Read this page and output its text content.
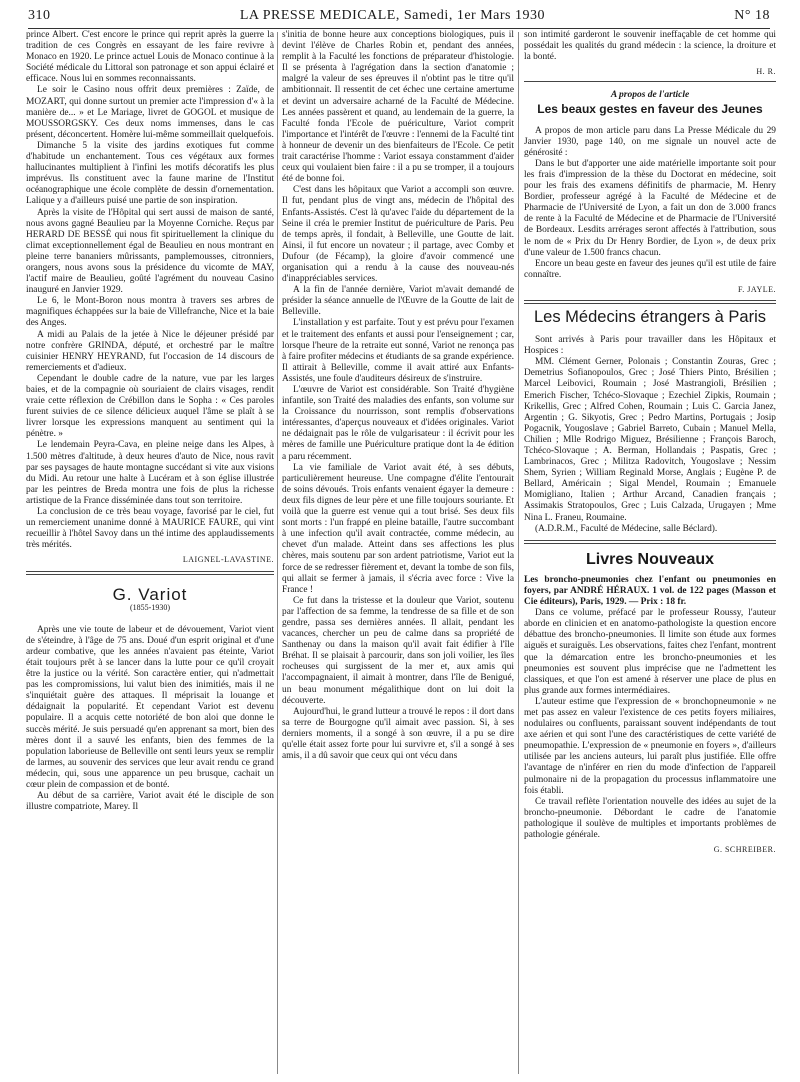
310	LA PRESSE MEDICALE, Samedi, 1er Mars 1930	N° 18

prince Albert. C'est encore le prince qui reprit après la guerre la tradition de ces Congrès en essayant de les faire revivre à Monaco en 1920. Le prince actuel Louis de Monaco continue à la Société médicale du Littoral son patronage et son appui éclairé et efficace. Nous lui en sommes reconnaissants.

Le soir le Casino nous offrit deux premières : Zaïde, de MOZART, qui donne surtout un premier acte l'impression d'« à la manière de... » et Le Mariage, livret de GOGOL et musique de MOUSSORGSKY. Ces deux noms immenses, dans le cas présent, déconcertent. Homère lui-même sommeillait quelquefois.

Dimanche 5 la visite des jardins exotiques fut comme d'habitude un enchantement. Tous ces végétaux aux formes hallucinantes multiplient à l'infini les motifs décoratifs les plus imprévus. Ils constituent avec la faune marine de l'Institut océanographique une école complète de dessin d'ornementation. Lalique y a d'ailleurs puisé une partie de son inspiration.

Après la visite de l'Hôpital qui sert aussi de maison de santé, nous avons gagné Beaulieu par la Moyenne Corniche. Reçus par HERARD DE BESSÉ qui nous fit spirituellement la clinique du climat exceptionnellement égal de Beaulieu en nous montrant en pleine terre bananiers mûrissants, pamplemousses, citronniers, orangers, nous avons sous la présidence du vicomte de MAY, l'actif maire de Beaulieu, goûté l'agrément du nouveau Casino inauguré en Janvier 1929.

Le 6, le Mont-Boron nous montra à travers ses arbres de magnifiques échappées sur la baie de Villefranche, Nice et la baie des Anges.

A midi au Palais de la jetée à Nice le déjeuner présidé par notre confrère GRINDA, député, et orchestré par le maître cuisinier HENRY HEYRAND, fut l'occasion de 14 discours de remerciements et d'adieux.

Cependant le double cadre de la nature, vue par les larges baies, et de la compagnie où souriaient de clairs visages, rendit vraie cette réflexion de Crébillon dans le Sopha : « Ces paroles furent suivies de ce silence délicieux auquel l'âme se plaît à se livrer lorsque les expressions manquent au sentiment qui la pénètre. »

Le lendemain Peyra-Cava, en pleine neige dans les Alpes, à 1.500 mètres d'altitude, à deux heures d'auto de Nice, nous ravit par ses paysages de haute montagne succédant si vite aux visions du Midi. Au retour une halte à Lucéram et à son église illustrée par les peintres de Breda montra une fois de plus la richesse artistique de la France disséminée dans tout son territoire.

La conclusion de ce très beau voyage, favorisé par le ciel, fut un remerciement unanime donné à MAURICE FAURE, qui vint recueillir à l'hôtel Savoy dans un thé intime des applaudissements très mérités.

LAIGNEL-LAVASTINE.
G. Variot
(1855-1930)

Après une vie toute de labeur et de dévouement, Variot vient de s'éteindre, à l'âge de 75 ans. Doué d'un esprit original et d'une ardeur combative, que les années n'avaient pas éteinte, Variot était toujours prêt à se lancer dans la lutte pour ce qu'il croyait être la justice ou la vérité. Son caractère entier, qui n'admettait pas les compromissions, lui valut bien des inimitiés, mais il ne s'inquiétait guère des attaques. Il méprisait la louange et dédaignait la popularité. Et cependant Variot est devenu populaire. Il a acquis cette notoriété de bon aloi que donne le succès mérité. Je suis persuadé qu'en apprenant sa mort, bien des mères dont il a sauvé les enfants, bien des femmes de la population laborieuse de Belleville ont senti leurs yeux se remplir de larmes, au souvenir des services que leur avait rendu ce grand médecin, qui, sous une apparence un peu brusque, cachait un cœur plein de compassion et de bonté.

Au début de sa carrière, Variot avait été le disciple de son illustre compatriote, Marey. Il

s'initia de bonne heure aux conceptions biologiques, puis il devint l'élève de Charles Robin et, pendant des années, remplit à la Faculté les fonctions de préparateur d'histologie. Il se présenta à l'agrégation dans la section d'anatomie ; malgré la valeur de ses épreuves il n'obtint pas le titre qu'il ambitionnait. Il ressentit de cet échec une certaine amertume et devint un adversaire acharné de la Faculté de Médecine. Les années passèrent et quand, au lendemain de la guerre, la Faculté fonda l'Ecole de puériculture, Variot comprit l'importance et l'intérêt de l'œuvre : l'ennemi de la Faculté tint à honneur de devenir un des bienfaiteurs de l'Ecole. Ce petit trait caractérise l'homme : Variot essaya constamment d'aider ceux qui voulaient bien faire : il a pu se tromper, il a toujours été de bonne foi.

C'est dans les hôpitaux que Variot a accompli son œuvre. Il fut, pendant plus de vingt ans, médecin de l'hôpital des Enfants-Assistés. C'est là qu'avec l'aide du département de la Seine il créa le premier Institut de puériculture de Paris. Peu de temps après, il fondait, à Belleville, une Goutte de lait. Ainsi, il fut encore un novateur ; il partage, avec Comby et Dufour (de Fécamp), la gloire d'avoir commencé une organisation qui a rendu à la cause des nouveau-nés d'inappréciables services.

A la fin de l'année dernière, Variot m'avait demandé de présider la séance annuelle de l'Œuvre de la Goutte de lait de Belleville.

L'installation y est parfaite. Tout y est prévu pour l'examen et le traitement des enfants et aussi pour l'enseignement ; car, lorsque l'heure de la retraite eut sonné, Variot ne renonça pas à faire profiter médecins et étudiants de sa grande expérience. Il attirait à Belleville, comme il avait attiré aux Enfants-Assistés, une foule d'auditeurs désireux de s'instruire.

L'œuvre de Variot est considérable. Son Traité d'hygiène infantile, son Traité des maladies des enfants, son volume sur la Croissance du nourrisson, sont remplis d'observations intéressantes, d'aperçus nouveaux et d'idées originales. Variot ne dédaignait pas le rôle de vulgarisateur : il écrivit pour les mères de famille une Puériculture pratique dont la 4e édition a paru récemment.

La vie familiale de Variot avait été, à ses débuts, particulièrement heureuse. Une compagne d'élite l'entourait de soins dévoués. Trois enfants venaient égayer la demeure : deux fils dignes de leur père et une fille toujours souriante. Et voilà que la guerre est venue qui a tout brisé. Ses deux fils sont morts : l'un frappé en pleine bataille, l'autre succombant à une infection qu'il avait contractée, comme médecin, au chevet d'un malade. Atteint dans ses affections les plus chères, mais soutenu par son ardent patriotisme, Variot eut la force de se redresser fièrement et, devant la tombe de son fils, qui allait se fermer à jamais, il s'écria avec force : Vive la France !

Ce fut dans la tristesse et la douleur que Variot, soutenu par l'affection de sa femme, la tendresse de sa fille et de son gendre, passa ses dernières années. Il allait, pendant les vacances, chercher un peu de calme dans sa propriété de Santhenay ou dans la maison qu'il avait fait édifier à l'île Bréhat. Il se plaisait à parcourir, dans son joli voilier, les îles rocheuses qui surgissent de la mer et, aux amis qui l'accompagnaient, il aimait à montrer, dans l'île de Benigué, un beau monument mégalithique dont on lui doit la découverte.

Aujourd'hui, le grand lutteur a trouvé le repos : il dort dans sa terre de Bourgogne qu'il aimait avec passion. Si, à ses derniers moments, il a songé à son œuvre, il a pu se dire qu'elle était assez forte pour lui survivre et, s'il a songé à ses amis, il a dû savoir que ceux qui ont vécu dans

son intimité garderont le souvenir ineffaçable de cet homme qui possédait les qualités du grand médecin : la science, la droiture et la bonté.

H. R.
A propos de l'article
Les beaux gestes en faveur des Jeunes

A propos de mon article paru dans La Presse Médicale du 29 Janvier 1930, page 140, on me signale un nouvel acte de générosité :

Dans le but d'apporter une aide matérielle importante soit pour les frais d'impression de la thèse du Doctorat en médecine, soit pour les frais des examens définitifs de pharmacie, M. Henry Bordier, professeur agrégé à la Faculté de Médecine et de Pharmacie de l'Université de Lyon, a fait un don de 3.000 francs de rente à la Faculté de Médecine et de Pharmacie de l'Université de Bordeaux. Lesdits arrérages seront affectés à l'attribution, sous le nom de « Prix du Dr Henry Bordier, de Lyon », de deux prix d'une valeur de 1.500 francs chacun.

Encore un beau geste en faveur des jeunes qu'il est utile de faire connaître.

F. JAYLE.
Les Médecins étrangers à Paris

Sont arrivés à Paris pour travailler dans les Hôpitaux et Hospices :

MM. Clément Gerner, Polonais ; Constantin Zouras, Grec ; Demetrius Sofianopoulos, Grec ; José Thiers Pinto, Brésilien ; Marcel Leibovici, Roumain ; José Mastrangioli, Brésilien ; Emerich Fischer, Tchéco-Slovaque ; Ezechiel Zipkis, Roumain ; Krikellis, Grec ; Alfred Cohen, Roumain ; Luis C. Garcia Janez, Argentin ; G. Sikyotis, Grec ; Pedro Martins, Portugais ; Josip Pogacnik, Yougoslave ; Gabriel Barreto, Cubain ; Manuel Mella, Chilien ; Mlle Rodrigo Miguez, Brésilienne ; François Baroch, Tchéco-Slovaque ; A. Berman, Hollandais ; Paspatis, Grec ; Lambrinacos, Grec ; Militza Radovitch, Yougoslave ; Nessim Shem, Syrien ; William Reginald Morse, Anglais ; Eugène P. de Bellard, Américain ; Sigal Mendel, Roumain ; Emanuele Momigliano, Italien ; Arthur Arcand, Canadien français ; Assimakis Stratopoulos, Grec ; Luis Calzada, Urugayen ; Mme Nina L. Franeu, Roumaine.

(A.D.R.M., Faculté de Médecine, salle Béclard).

Livres Nouveaux

Les broncho-pneumonies chez l'enfant ou pneumonies en foyers, par ANDRÉ HÉRAUX. 1 vol. de 122 pages (Masson et Cie éditeurs), Paris, 1929. — Prix : 18 fr.

Dans ce volume, préfacé par le professeur Roussy, l'auteur aborde en clinicien et en anatomo-pathologiste la question encore débattue des broncho-pneumonies. Il limite son étude aux formes aiguës et suraiguës. Les observations, faites chez l'enfant, montrent que la démarcation entre les broncho-pneumonies et les pneumonies est souvent plus imprécise que ne l'admettent les classiques, et que l'on est amené à réserver une place de plus en plus grande aux formes intermédiaires.

L'auteur estime que l'expression de « bronchopneumonie » ne met pas assez en valeur l'existence de ces petits foyers miliaires, nodulaires ou confluents, paraissant souvent indépendants de tout axe aérien et qui sont l'une des caractéristiques de cette variété de pneumopathie. L'expression de « pneumonie en foyers », d'ailleurs utilisée par les anciens auteurs, lui paraît plus justifiée. Elle offre l'avantage de n'inférer en rien du mode d'infection de l'appareil pulmonaire ni de la propagation du processus inflammatoire une fois établi.

Ce travail reflète l'orientation nouvelle des idées au sujet de la broncho-pneumonie. Débordant le cadre de l'anatomie pathologique il soulève de multiples et importants problèmes de pathologie générale.

G. SCHREIBER.
